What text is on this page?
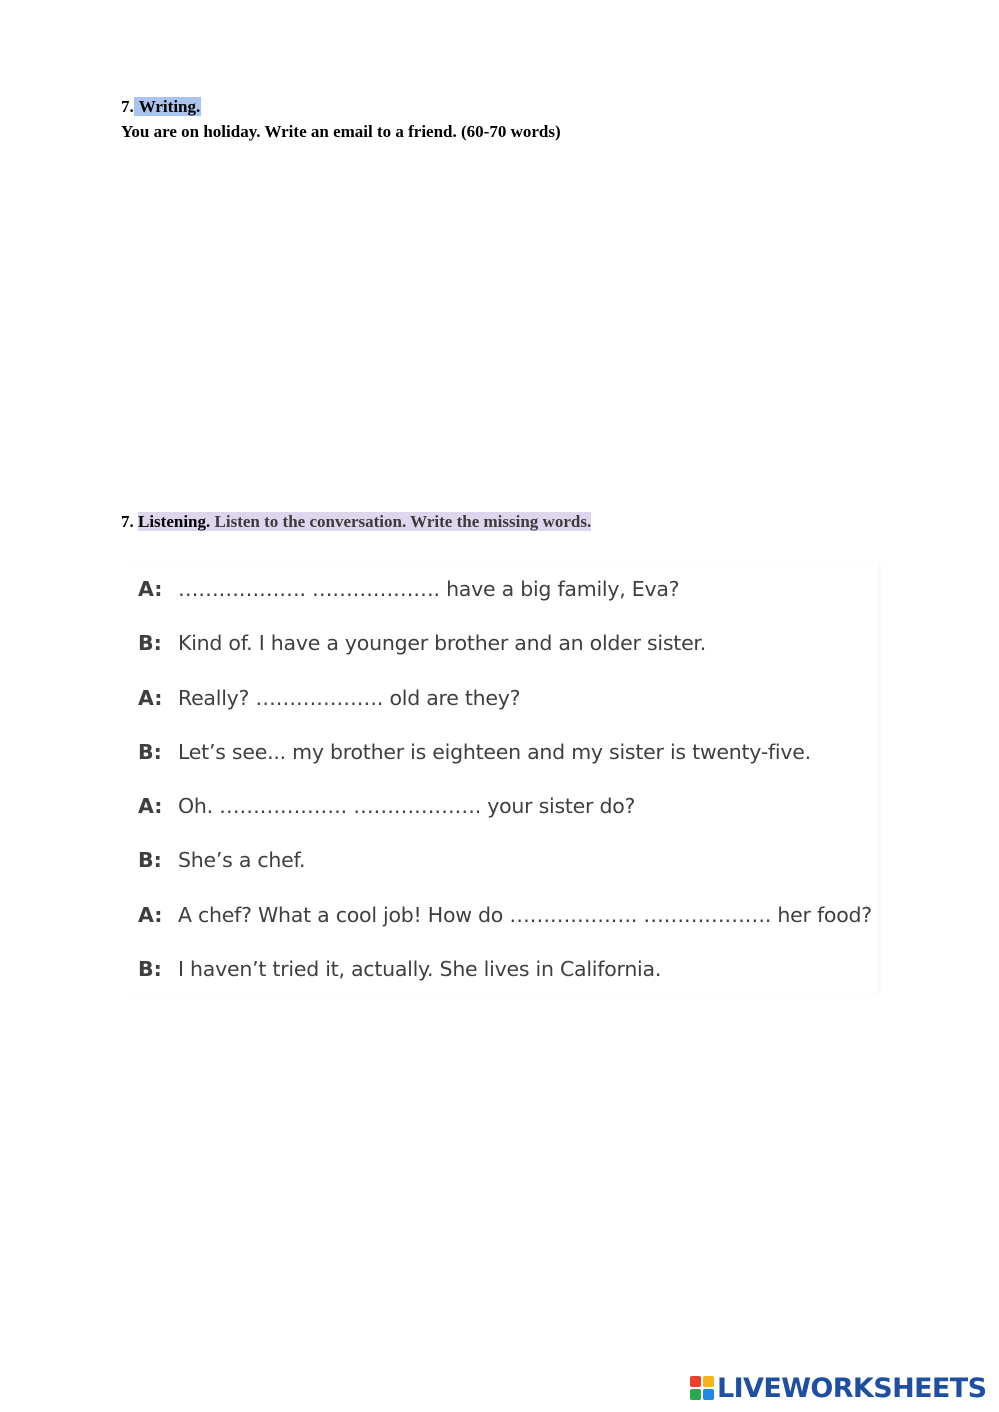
7. Writing.
You are on holiday. Write an email to a friend. (60-70 words)
7. Listening. Listen to the conversation. Write the missing words.
A: ………………. ………………. have a big family, Eva?
B: Kind of. I have a younger brother and an older sister.
A: Really? ………………. old are they?
B: Let’s see... my brother is eighteen and my sister is twenty-five.
A: Oh. ………………. ………………. your sister do?
B: She’s a chef.
A: A chef? What a cool job! How do ………………. ………………. her food?
B: I haven’t tried it, actually. She lives in California.
LIVEWORKSHEETS
